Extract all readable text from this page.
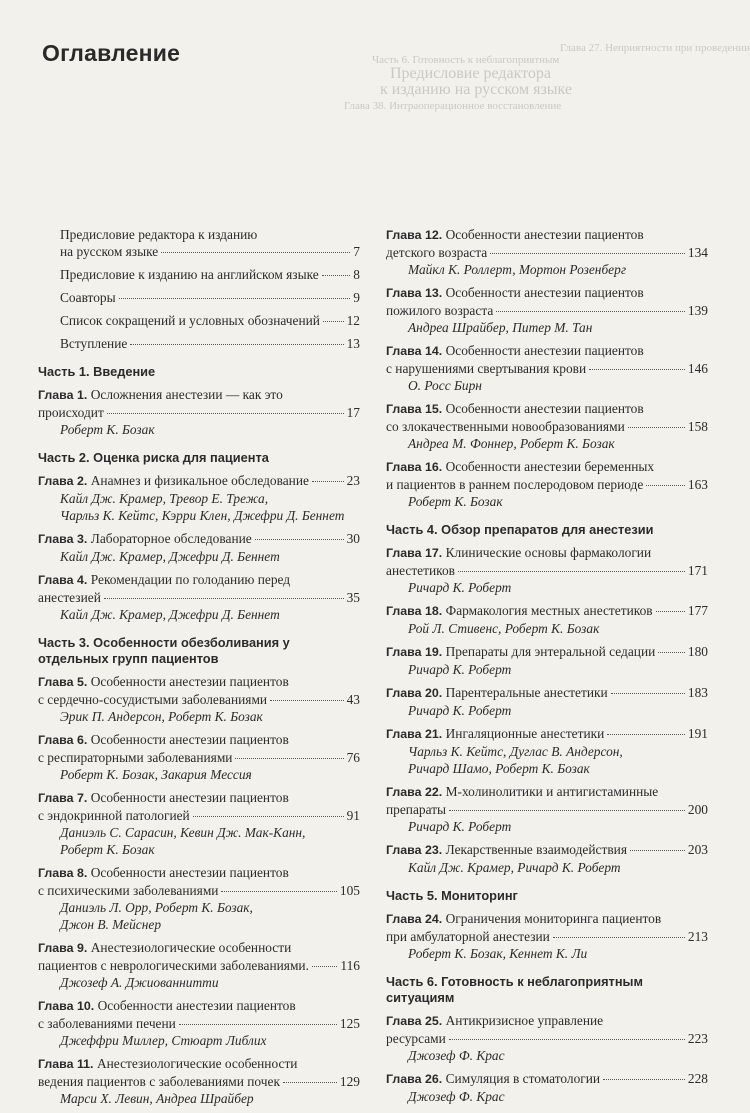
Часть 6. Готовность к неблагоприятным
Глава 38. Интраоперационное восстановление
Глава 27. Неприятности при проведении
Предисловие редактора
к изданию на русском языке
Оглавление
Предисловие редактора к изданию
на русском языке	7
Предисловие к изданию на английском языке	8
Соавторы	9
Список сокращений и условных обозначений 12
Вступление	13
Часть 1. Введение
Глава 1. Осложнения анестезии — как это
происходит	17
Роберт К. Бозак
Часть 2. Оценка риска для пациента
Глава 2. Анамнез и физикальное обследование	23
Кайл Дж. Крамер, Тревор Е. Трежа,
Чарльз К. Кейтс, Кэрри Клен, Джефри Д. Беннет
Глава 3. Лабораторное обследование	30
Кайл Дж. Крамер, Джефри Д. Беннет
Глава 4. Рекомендации по голоданию перед
анестезией	35
Кайл Дж. Крамер, Джефри Д. Беннет
Часть 3. Особенности обезболивания у отдельных групп пациентов
Глава 5. Особенности анестезии пациентов
с сердечно-сосудистыми заболеваниями	43
Эрик П. Андерсон, Роберт К. Бозак
Глава 6. Особенности анестезии пациентов
с респираторными заболеваниями	76
Роберт К. Бозак, Закария Мессия
Глава 7. Особенности анестезии пациентов
с эндокринной патологией	91
Даниэль С. Сарасин, Кевин Дж. Мак-Канн,
Роберт К. Бозак
Глава 8. Особенности анестезии пациентов
с психическими заболеваниями	105
Даниэль Л. Орр, Роберт К. Бозак,
Джон В. Мейснер
Глава 9. Анестезиологические особенности
пациентов с неврологическими заболеваниями. 116
Джозеф А. Джиованнитти
Глава 10. Особенности анестезии пациентов
с заболеваниями печени	125
Джеффри Миллер, Стюарт Либлих
Глава 11. Анестезиологические особенности
ведения пациентов с заболеваниями почек	129
Марси Х. Левин, Андреа Шрайбер
Глава 12. Особенности анестезии пациентов
детского возраста	134
Майкл К. Роллерт, Мортон Розенберг
Глава 13. Особенности анестезии пациентов
пожилого возраста	139
Андреа Шрайбер, Питер М. Тан
Глава 14. Особенности анестезии пациентов
с нарушениями свертывания крови	146
О. Росс Бирн
Глава 15. Особенности анестезии пациентов
со злокачественными новообразованиями	158
Андреа М. Фоннер, Роберт К. Бозак
Глава 16. Особенности анестезии беременных
и пациентов в раннем послеродовом периоде	163
Роберт К. Бозак
Часть 4. Обзор препаратов для анестезии
Глава 17. Клинические основы фармакологии
анестетиков	171
Ричард К. Роберт
Глава 18. Фармакология местных анестетиков	177
Рой Л. Стивенс, Роберт К. Бозак
Глава 19. Препараты для энтеральной седации 180
Ричард К. Роберт
Глава 20. Парентеральные анестетики	183
Ричард К. Роберт
Глава 21. Ингаляционные анестетики	191
Чарльз К. Кейтс, Дуглас В. Андерсон,
Ричард Шамо, Роберт К. Бозак
Глава 22. М-холинолитики и антигистаминные
препараты	200
Ричард К. Роберт
Глава 23. Лекарственные взаимодействия	203
Кайл Дж. Крамер, Ричард К. Роберт
Часть 5. Мониторинг
Глава 24. Ограничения мониторинга пациентов
при амбулаторной анестезии	213
Роберт К. Бозак, Кеннет К. Ли
Часть 6. Готовность к неблагоприятным ситуациям
Глава 25. Антикризисное управление
ресурсами	223
Джозеф Ф. Крас
Глава 26. Симуляция в стоматологии	228
Джозеф Ф. Крас
